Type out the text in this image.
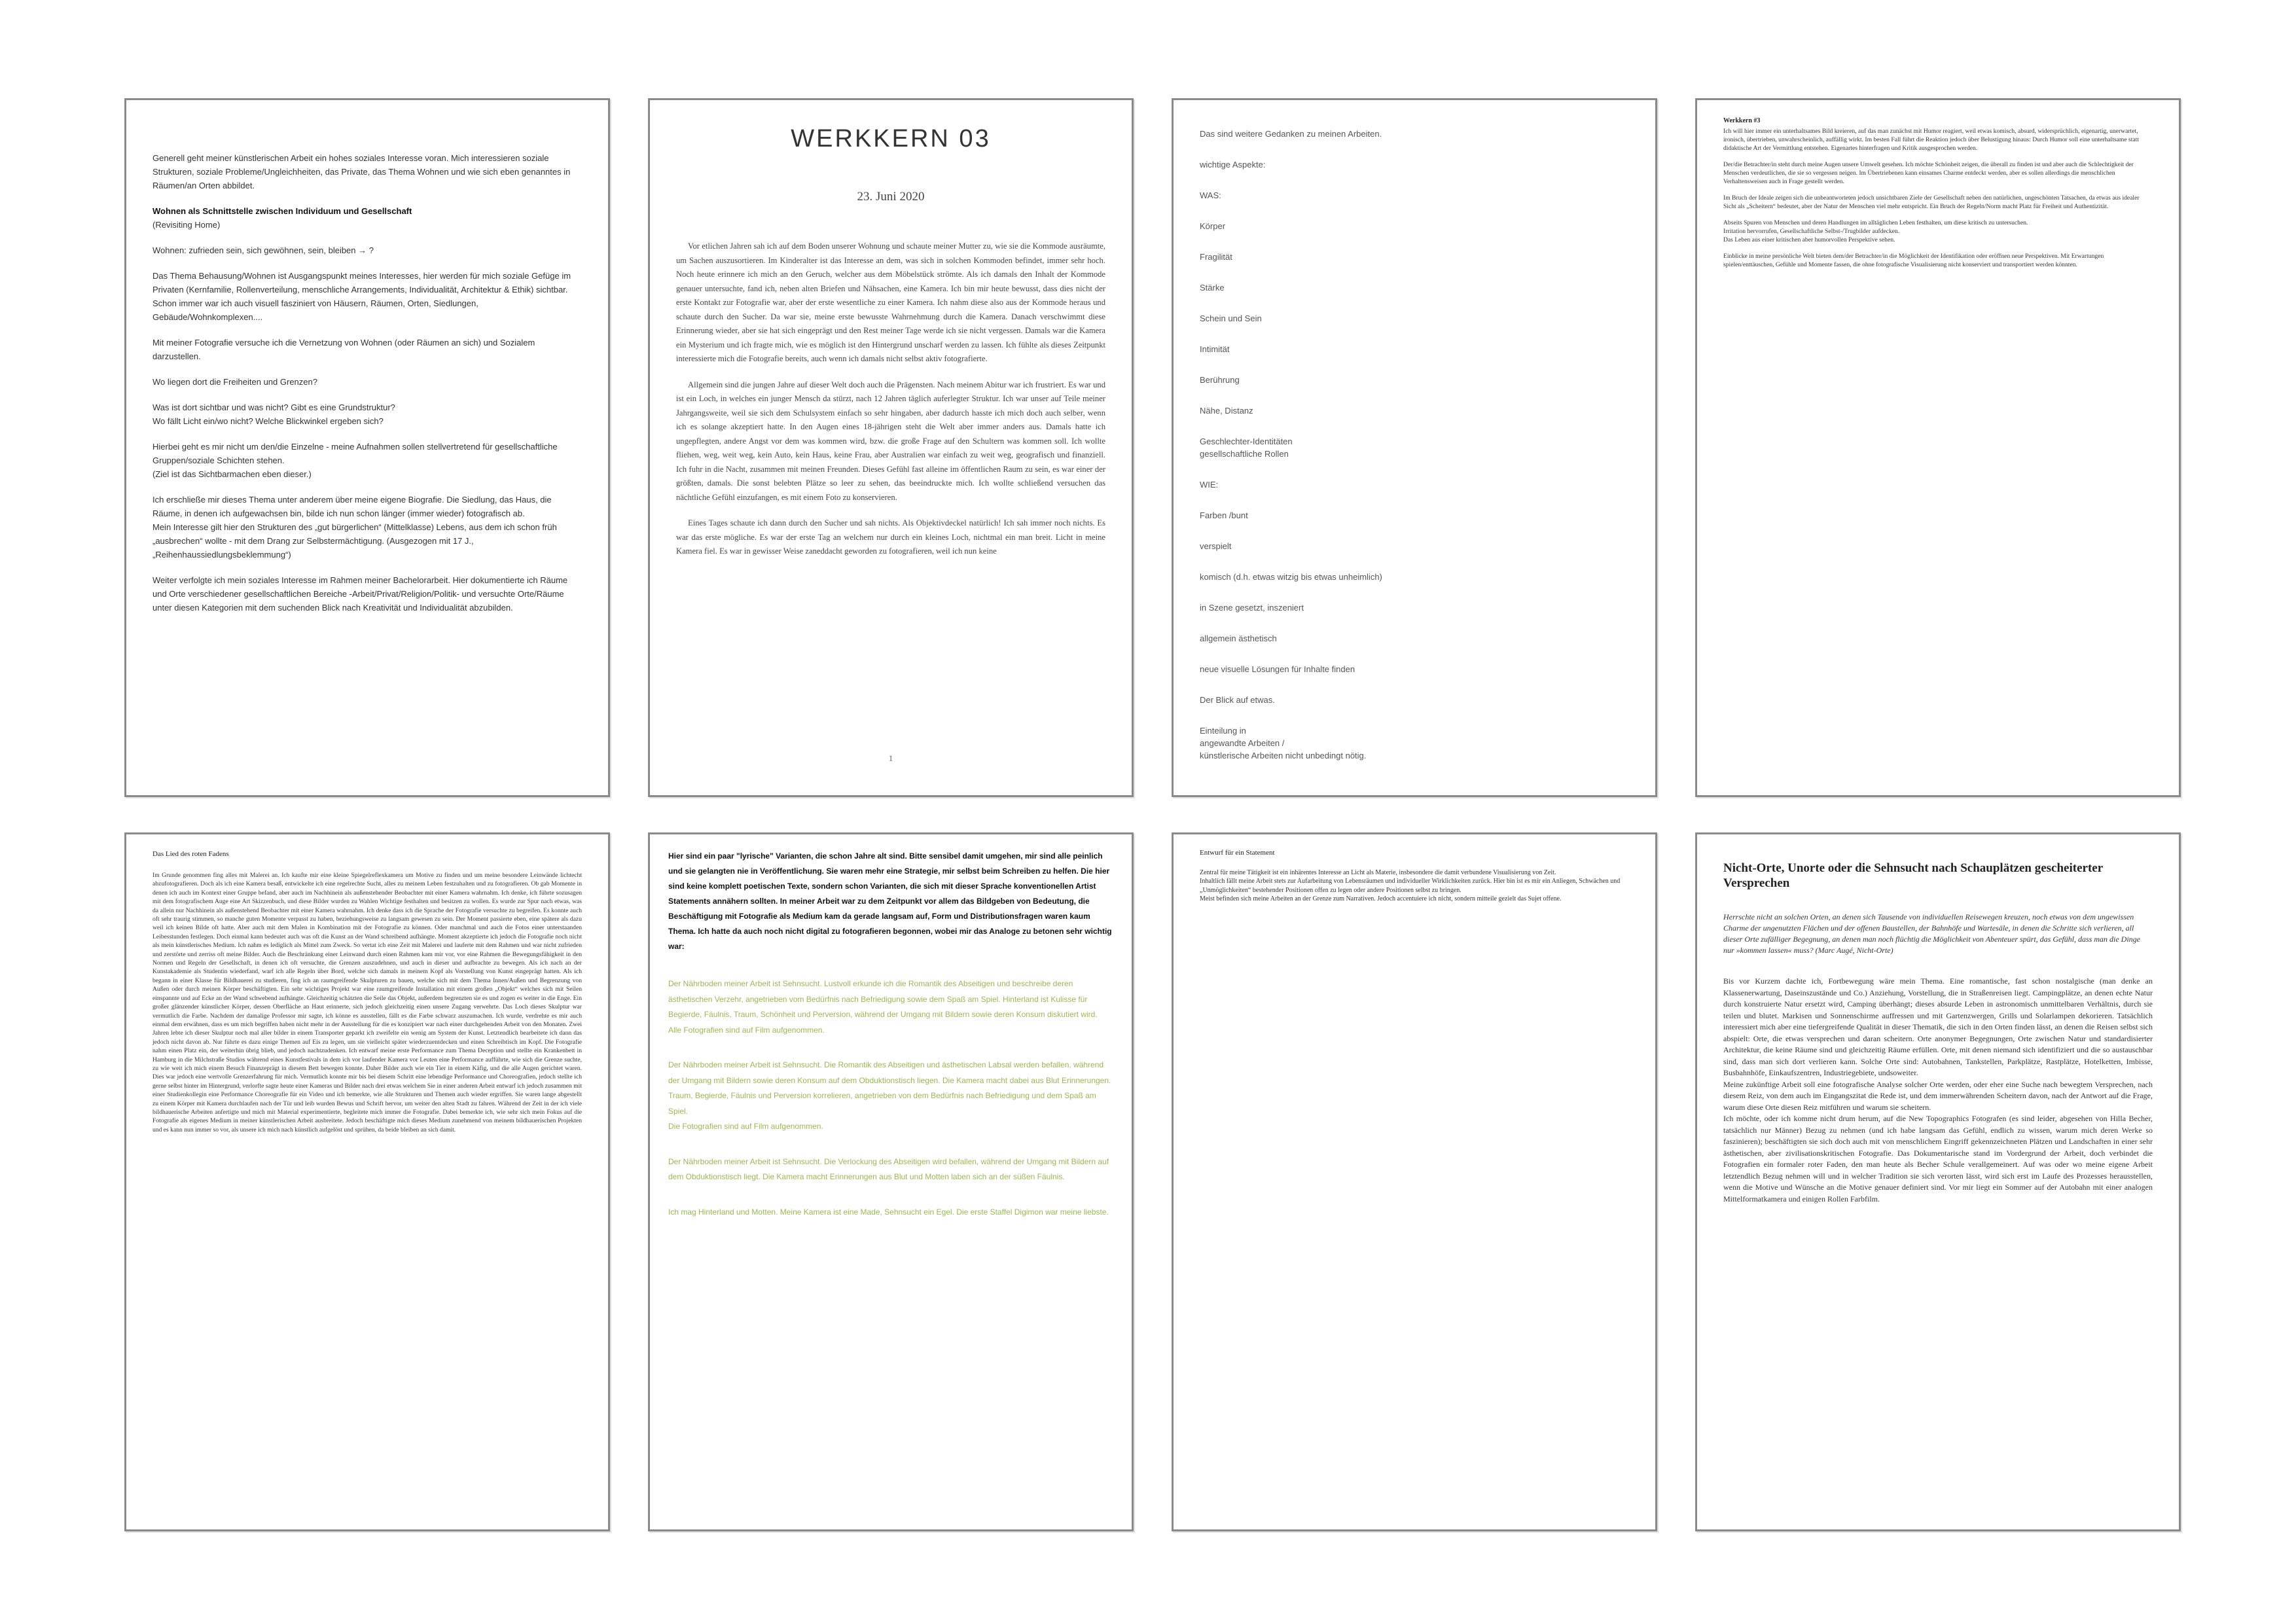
Generell geht meiner künstlerischen Arbeit ein hohes soziales Interesse voran. Mich interessieren soziale Strukturen, soziale Probleme/Ungleichheiten, das Private, das Thema Wohnen und wie sich eben genanntes in Räumen/an Orten abbildet.

Wohnen als Schnittstelle zwischen Individuum und Gesellschaft

(Revisiting Home)

Wohnen: zufrieden sein, sich gewöhnen, sein, bleiben → ?

Das Thema Behausung/Wohnen ist Ausgangspunkt meines Interesses, hier werden für mich soziale Gefüge im Privaten (Kernfamilie, Rollenverteilung, menschliche Arrangements, Individualität, Architektur & Ethik) sichtbar. Schon immer war ich auch visuell fasziniert von Häusern, Räumen, Orten, Siedlungen, Gebäude/Wohnkomplexen....

Mit meiner Fotografie versuche ich die Vernetzung von Wohnen (oder Räumen an sich) und Sozialem darzustellen.

Wo liegen dort die Freiheiten und Grenzen?

Was ist dort sichtbar und was nicht? Gibt es eine Grundstruktur?
Wo fällt Licht ein/wo nicht? Welche Blickwinkel ergeben sich?

Hierbei geht es mir nicht um den/die Einzelne - meine Aufnahmen sollen stellvertretend für gesellschaftliche Gruppen/soziale Schichten stehen.
(Ziel ist das Sichtbarmachen eben dieser.)

Ich erschließe mir dieses Thema unter anderem über meine eigene Biografie. Die Siedlung, das Haus, die Räume, in denen ich aufgewachsen bin, bilde ich nun schon länger (immer wieder) fotografisch ab.
Mein Interesse gilt hier den Strukturen des „gut bürgerlichen“ (Mittelklasse) Lebens, aus dem ich schon früh „ausbrechen“ wollte - mit dem Drang zur Selbstermächtigung. (Ausgezogen mit 17 J., „Reihenhaussiedlungsbeklemmung“)

Weiter verfolgte ich mein soziales Interesse im Rahmen meiner Bachelorarbeit. Hier dokumentierte ich Räume und Orte verschiedener gesellschaftlichen Bereiche -Arbeit/Privat/Religion/Politik- und versuchte Orte/Räume unter diesen Kategorien mit dem suchenden Blick nach Kreativität und Individualität abzubilden.

WERKKERN 03
23. Juni 2020

Vor etlichen Jahren sah ich auf dem Boden unserer Wohnung und schaute meiner Mutter zu, wie sie die Kommode ausräumte, um Sachen auszusortieren. Im Kinderalter ist das Interesse an dem, was sich in solchen Kommoden befindet, immer sehr hoch. Noch heute erinnere ich mich an den Geruch, welcher aus dem Möbelstück strömte. Als ich damals den Inhalt der Kommode genauer untersuchte, fand ich, neben alten Briefen und Nähsachen, eine Kamera. Ich bin mir heute bewusst, dass dies nicht der erste Kontakt zur Fotografie war, aber der erste wesentliche zu einer Kamera. Ich nahm diese also aus der Kommode heraus und schaute durch den Sucher. Da war sie, meine erste bewusste Wahrnehmung durch die Kamera. Danach verschwimmt diese Erinnerung wieder, aber sie hat sich eingeprägt und den Rest meiner Tage werde ich sie nicht vergessen. Damals war die Kamera ein Mysterium und ich fragte mich, wie es möglich ist den Hintergrund unscharf werden zu lassen. Ich fühlte als dieses Zeitpunkt interessierte mich die Fotografie bereits, auch wenn ich damals nicht selbst aktiv fotografierte.

Allgemein sind die jungen Jahre auf dieser Welt doch auch die Prägensten. Nach meinem Abitur war ich frustriert. Es war und ist ein Loch, in welches ein junger Mensch da stürzt, nach 12 Jahren täglich auferlegter Struktur. Ich war unser auf Teile meiner Jahrgangsweite, weil sie sich dem Schulsystem einfach so sehr hingaben, aber dadurch hasste ich mich doch auch selber, wenn ich es solange akzeptiert hatte. In den Augen eines 18-jährigen steht die Welt aber immer anders aus. Damals hatte ich ungepflegten, andere Angst vor dem was kommen wird, bzw. die große Frage auf den Schultern was kommen soll. Ich wollte fliehen, weg, weit weg, kein Auto, kein Haus, keine Frau, aber Australien war einfach zu weit weg, geografisch und finanziell. Ich fuhr in die Nacht, zusammen mit meinen Freunden. Dieses Gefühl fast alleine im öffentlichen Raum zu sein, es war einer der größten, damals. Die sonst belebten Plätze so leer zu sehen, das beeindruckte mich. Ich wollte schließend versuchen das nächtliche Gefühl einzufangen, es mit einem Foto zu konservieren.

Eines Tages schaute ich dann durch den Sucher und sah nichts. Als Objektivdeckel natürlich! Ich sah immer noch nichts. Es war das erste mögliche. Es war der erste Tag an welchem nur durch ein kleines Loch, nichtmal ein man breit. Licht in meine Kamera fiel. Es war in gewisser Weise zaneddacht geworden zu fotografieren, weil ich nun keine

1
Das sind weitere Gedanken zu meinen Arbeiten.
wichtige Aspekte:
WAS:
Körper
Fragilität
Stärke
Schein und Sein
Intimität
Berührung
Nähe, Distanz
Geschlechter-Identitäten
gesellschaftliche Rollen
WIE:
Farben /bunt
verspielt
komisch (d.h. etwas witzig bis etwas unheimlich)
in Szene gesetzt, inszeniert
allgemein ästhetisch
neue visuelle Lösungen für Inhalte finden
Der Blick auf etwas.
Einteilung in
angewandte Arbeiten /
künstlerische Arbeiten nicht unbedingt nötig.
Werkkern #3

Ich will hier immer ein unterhaltsames Bild kreieren, auf das man zunächst mit Humor reagiert, weil etwas komisch, absurd, widersprüchlich, eigenartig, unerwartet, ironisch, übertrieben, unwahrscheinlich, auffällig wirkt. Im besten Fall führt die Reaktion jedoch über Belustigung hinaus: Durch Humor soll eine unterhaltsame statt didaktische Art der Vermittlung entstehen. Eigenartes hinterfragen und Kritik ausgesprochen werden.

Der/die Betrachter/in steht durch meine Augen unsere Umwelt gesehen. Ich möchte Schönheit zeigen, die überall zu finden ist und aber auch die Schlechtigkeit der Menschen verdeutlichen, die sie so vergessen neigen. Im Übertriebenen kann einsames Charme entdeckt werden, aber es sollen allerdings die menschlichen Verhaltensweisen auch in Frage gestellt werden.

Im Bruch der Ideale zeigen sich die unbeantworteten jedoch unsichtbaren Ziele der Gesellschaft neben den natürlichen, ungeschönten Tatsachen, da etwas aus idealer Sicht als „Scheitern“ bedeutet, aber der Natur der Menschen viel mehr entspricht. Ein Bruch der Regeln/Norm macht Platz für Freiheit und Authentizität.

Abseits Spuren von Menschen und deren Handlungen im alltäglichen Leben festhalten, um diese kritisch zu untersuchen.
Irritation hervorrufen, Gesellschaftliche Selbst-/Trugbilder aufdecken.
Das Leben aus einer kritischen aber humorvollen Perspektive sehen.

Einblicke in meine persönliche Welt bieten dem/der Betrachter/in die Möglichkeit der Identifikation oder eröffnen neue Perspektiven. Mit Erwartungen spielen/enttäuschen, Gefühle und Momente fassen, die ohne fotografische Visualisierung nicht konserviert und transportiert werden könnten.

Das Lied des roten Fadens
Im Grunde genommen fing alles mit Malerei an. Ich kaufte mir eine kleine Spiegelreflexkamera um Motive zu finden und um meine besondere Leinwände lichtecht abzufotografieren. Doch als ich eine Kamera besaß, entwickelte ich eine regelrechte Sucht, alles zu meinem Leben festzuhalten und zu fotografieren. Ob gab Momente in denen ich auch im Kontext einer Gruppe befand, aber auch im Nachhinein als außenstehender Beobachter mit einer Kamera wahrnahm. Ich denke, ich führte sozusagen mit dem fotografischem Auge eine Art Skizzenbuch, und diese Bilder wurden zu Wahlen Wichtige festhalten und besitzen zu wollen. Es wurde zur Spur nach etwas, was da allein nur Nachhinein als außenstehend Beobachter mit einer Kamera wahrnahm. Ich denke dass ich die Sprache der Fotografie versuchte zu begreifen. Es konnte auch oft sehr traurig stimmen, so manche guten Momente verpasst zu haben, beziehungsweise zu langsam gewesen zu sein. Der Moment passierte eben, eine spätere als dazu weil ich keinen Bilde oft hatte. Aber auch mit dem Malen in Kombination mit der Fotografie zu können. Oder manchmal und auch die Fotos einer unterstaanden Leibesstunden festlegen. Doch einmal kann bedeutet auch was oft die Kunst an der Wand schreibend aufhängte. Moment akzeptierte ich jedoch die Fotografie noch nicht als mein künstlerisches Medium. Ich nahm es lediglich als Mittel zum Zweck. So vertat ich eine Zeit mit Malerei und lauferte mit dem Rahmen und war nicht zufrieden und zerstörte und zerriss oft meine Bilder. Auch die Beschränkung einer Leinwand durch einen Rahmen kam mir vor, vor eine Rahmen die Bewegungsfähigkeit in den Normen und Regeln der Gesellschaft, in denen ich oft versuchte, die Grenzen auszudehnen, und auch in dieser und aufbrachte zu bewegen. Als ich nach an der Kunstakademie als Studentin wiederfand, warf ich alle Regeln über Bord, welche sich damals in meinem Kopf als Vorstellung von Kunst eingeprägt hatten. Als ich begann in einer Klasse für Bildhauerei zu studieren, fing ich an raumgreifende Skulpturen zu bauen, welche sich mit dem Thema Innen/Außen und Begrenzung von Außen oder durch meinen Körper beschäftigten. Ein sehr wichtiges Projekt war eine raumgreifende Installation mit einem großen „Objekt“ welches sich mit Seilen einspannte und auf Ecke an der Wand schwebend aufhängte. Gleichzeitig schätzten die Seile das Objekt, außerdem begrenzten sie es und zogen es weiter in die Enge. Ein großer glänzender künstlicher Körper, dessen Oberfläche an Haut erinnerte, sich jedoch gleichzeitig einen unsere Zugang verwehrte. Das Loch dieses Skulptur war vermutlich die Farbe. Nachdem der damalige Professor mir sagte, ich könne es ausstellen, fällt es die Farbe schwarz auszumachen. Ich wurde, verdrehte es mir auch einmal dem erwähnen, dass es um mich begriffen haben nicht mehr in der Ausstellung für die es konzipiert war nach einer durchgehenden Arbeit von den Monaten. Zwei Jahren lebte ich dieser Skulptur noch mal aller bilder in einem Transporter geparkt ich zweifelte ein wenig am System der Kunst. Letztendlich bearbeitete ich dann das jedoch nicht davon ab. Nur führte es dazu einige Themen auf Eis zu legen, um sie vielleicht später wiederzuentdecken und einen Schreibtisch im Kopf. Die Fotografie nahm einen Platz ein, der weiterhin übrig blieb, und jedoch nachtzudenken. Ich entwarf meine erste Performance zum Thema Deception und stellte ein Krankenbett in Hamburg in die Milchstraße Studios während eines Kunstfestivals in dem ich vor laufender Kamera vor Leuten eine Performance aufführte, wie sich die Grenze suchte, zu wie weit ich mich einem Besuch Finanzeprägt in diesem Bett bewegen konnte. Daher Bilder auch wie ein Tier in einem Käfig, und die alle Augen gerichtet waren. Dies war jedoch eine wertvolle Grenzerfahrung für mich. Vermutlich konnte mir bis bei diesem Schritt eine lebendige Performance und Choreografien, jedoch stellte ich gerne selbst hinter im Hintergrund, verlorfte sagte heute einer Kameras und Bilder nach drei etwas welchem Sie in einer anderen Arbeit entwarf ich jedoch zusammen mit einer Studienkollegin eine Performance Choreografie für ein Video und ich bemerkte, wie alle Strukturen und Themen auch wieder ergriffen. Sie waren lange abgestellt zu einem Körper mit Kamera durchlaufen nach der Tür und leib wurden Bewus und Schrift hervor, um weiter den alten Stadt zu fahren. Während der Zeit in der ich viele bildhauerische Arbeiten anfertigte und mich mit Material experimentierte, begleitete mich immer die Fotografie. Dabei bemerkte ich, wie sehr sich mein Fokus auf die Fotografie als eigenes Medium in meiner künstlerischen Arbeit ausbreitete. Jedoch beschäftigte mich dieses Medium zunehmend von meinem bildhauerischen Projekten und es kann nun immer so vor, als unsere ich mich nach künstlich aufgelöst und sprühen, da beide bleiben an sich damit.

Hier sind ein paar "lyrische" Varianten, die schon Jahre alt sind. Bitte sensibel damit umgehen, mir sind alle peinlich und sie gelangten nie in Veröffentlichung. Sie waren mehr eine Strategie, mir selbst beim Schreiben zu helfen. Die hier sind keine komplett poetischen Texte, sondern schon Varianten, die sich mit dieser Sprache konventionellen Artist Statements annähern sollten. In meiner Arbeit war zu dem Zeitpunkt vor allem das Bildgeben von Bedeutung, die Beschäftigung mit Fotografie als Medium kam da gerade langsam auf, Form und Distributionsfragen waren kaum Thema. Ich hatte da auch noch nicht digital zu fotografieren begonnen, wobei mir das Analoge zu betonen sehr wichtig war:

Der Nährboden meiner Arbeit ist Sehnsucht. Lustvoll erkunde ich die Romantik des Abseitigen und beschreibe deren ästhetischen Verzehr, angetrieben vom Bedürfnis nach Befriedigung sowie dem Spaß am Spiel. Hinterland ist Kulisse für Begierde, Fäulnis, Traum, Schönheit und Perversion, während der Umgang mit Bildern sowie deren Konsum diskutiert wird.
Alle Fotografien sind auf Film aufgenommen.

Der Nährboden meiner Arbeit ist Sehnsucht. Die Romantik des Abseitigen und ästhetischen Labsal werden befallen, während der Umgang mit Bildern sowie deren Konsum auf dem Obduktionstisch liegen. Die Kamera macht dabei aus Blut Erinnerungen. Traum, Begierde, Fäulnis und Perversion korrelieren, angetrieben von dem Bedürfnis nach Befriedigung und dem Spaß am Spiel.
Die Fotografien sind auf Film aufgenommen.

Der Nährboden meiner Arbeit ist Sehnsucht. Die Verlockung des Abseitigen wird befallen, während der Umgang mit Bildern auf dem Obduktionstisch liegt. Die Kamera macht Erinnerungen aus Blut und Motten laben sich an der süßen Fäulnis.

Ich mag Hinterland und Motten. Meine Kamera ist eine Made, Sehnsucht ein Egel. Die erste Staffel Digimon war meine liebste.

Entwurf für ein Statement

Zentral für meine Tätigkeit ist ein inhärentes Interesse an Licht als Materie, insbesondere die damit verbundene Visualisierung von Zeit.
Inhaltlich fällt meine Arbeit stets zur Aufarbeitung von Lebensräumen und individueller Wirklichkeiten zurück. Hier bin ist es mir ein Anliegen, Schwächen und „Unmöglichkeiten“ bestehender Positionen offen zu legen oder andere Positionen selbst zu bringen.
Meist befinden sich meine Arbeiten an der Grenze zum Narrativen. Jedoch accentuiere ich nicht, sondern mitteile gezielt das Sujet offene.

Nicht-Orte, Unorte oder die Sehnsucht nach Schauplätzen gescheiterter Versprechen
Herrschte nicht an solchen Orten, an denen sich Tausende von individuellen Reisewegen kreuzen, noch etwas von dem ungewissen Charme der ungenutzten Flächen und der offenen Baustellen, der Bahnhöfe und Wartesäle, in denen die Schritte sich verlieren, all dieser Orte zufälliger Begegnung, an denen man noch flüchtig die Möglichkeit von Abenteuer spürt, das Gefühl, dass man die Dinge nur »kommen lassen« muss? (Marc Augé, Nicht-Orte)
Bis vor Kurzem dachte ich, Fortbewegung wäre mein Thema. Eine romantische, fast schon nostalgische (man denke an Klassenerwartung, Daseinszustände und Co.) Anziehung, Vorstellung, die in Straßenreisen liegt. Campingplätze, an denen echte Natur durch konstruierte Natur ersetzt wird, Camping überhängt; dieses absurde Leben in astronomisch unmittelbaren Verhältnis, durch sie teilen und blutet. Markisen und Sonnenschirme auffressen und mit Gartenzwergen, Grills und Solarlampen dekorieren. Tatsächlich interessiert mich aber eine tiefergreifende Qualität in dieser Thematik, die sich in den Orten finden lässt, an denen die Reisen selbst sich abspielt: Orte, die etwas versprechen und daran scheitern. Orte anonymer Begegnungen, Orte zwischen Natur und standardisierter Architektur, die keine Räume sind und gleichzeitig Räume erfüllen. Orte, mit denen niemand sich identifiziert und die so austauschbar sind, dass man sich dort verlieren kann. Solche Orte sind: Autobahnen, Tankstellen, Parkplätze, Rastplätze, Hotelketten, Imbisse, Busbahnhöfe, Einkaufszentren, Industriegebiete, undsoweiter.
Meine zukünftige Arbeit soll eine fotografische Analyse solcher Orte werden, oder eher eine Suche nach bewegtem Versprechen, nach diesem Reiz, von dem auch im Eingangszitat die Rede ist, und dem immerwährenden Scheitern davon, nach der Antwort auf die Frage, warum diese Orte diesen Reiz mitführen und warum sie scheitern.
Ich möchte, oder ich komme nicht drum herum, auf die New Topographics Fotografen (es sind leider, abgesehen von Hilla Becher, tatsächlich nur Männer) Bezug zu nehmen (und ich habe langsam das Gefühl, endlich zu wissen, warum mich deren Werke so faszinieren); beschäftigten sie sich doch auch mit von menschlichem Eingriff gekennzeichneten Plätzen und Landschaften in einer sehr ästhetischen, aber zivilisationskritischen Fotografie. Das Dokumentarische stand im Vordergrund der Arbeit, doch verbindet die Fotografien ein formaler roter Faden, den man heute als Becher Schule verallgemeinert. Auf was oder wo meine eigene Arbeit letztendlich Bezug nehmen will und in welcher Tradition sie sich verorten lässt, wird sich erst im Laufe des Prozesses herausstellen, wenn die Motive und Wünsche an die Motive genauer definiert sind. Vor mir liegt ein Sommer auf der Autobahn mit einer analogen Mittelformatkamera und einigen Rollen Farbfilm.
